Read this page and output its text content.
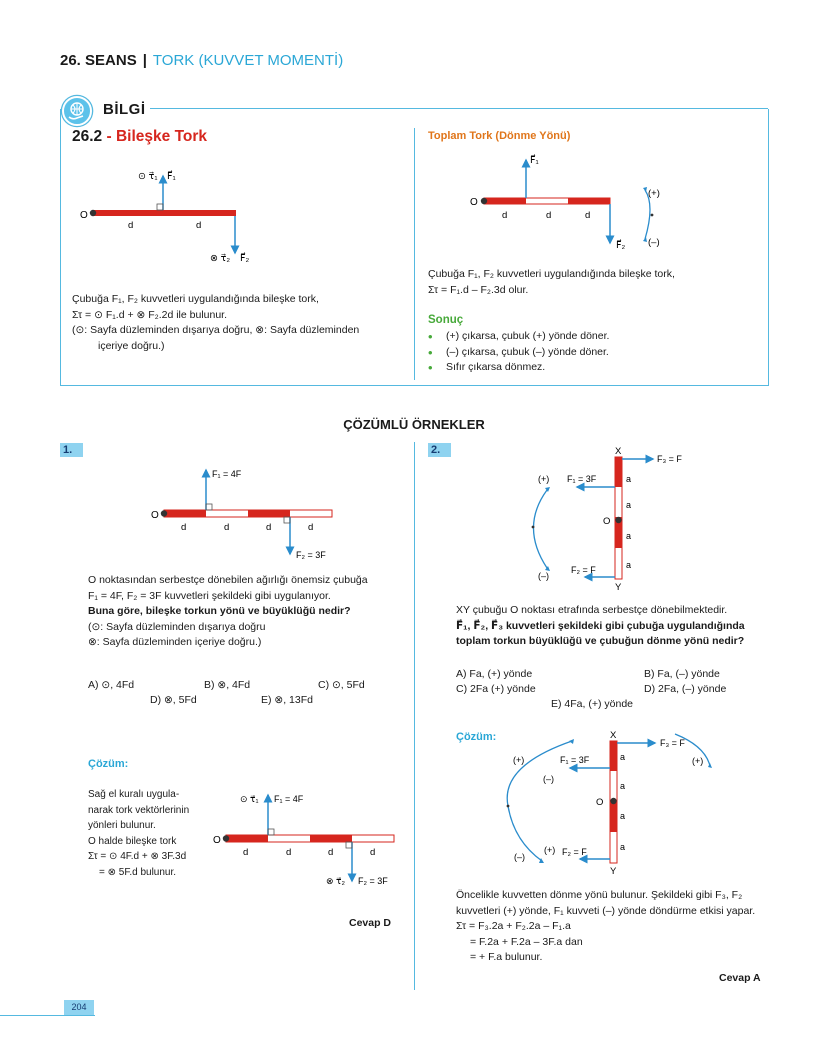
26. SEANS | TORK (KUVVET MOMENTİ)
BİLGİ
26.2 - Bileşke Tork
O
⊙ τ⃗₁ F⃗₁
⊗ τ⃗₂ F⃗₂
d	d
Çubuğa F₁, F₂ kuvvetleri uygulandığında bileşke tork,
Στ = ⊙ F₁.d + ⊗ F₂.2d ile bulunur.
(⊙: Sayfa düzleminden dışarıya doğru, ⊗: Sayfa düzleminden
içeriye doğru.)
Toplam Tork (Dönme Yönü)
O
F⃗₁
F⃗₂
d	d	d
(+)
(–)
Çubuğa F₁, F₂ kuvvetleri uygulandığında bileşke tork,
Στ = F₁.d – F₂.3d olur.
Sonuç
• (+) çıkarsa, çubuk (+) yönde döner.
• (–) çıkarsa, çubuk (–) yönde döner.
• Sıfır çıkarsa dönmez.
ÇÖZÜMLÜ ÖRNEKLER
1.
O
F₁ = 4F
F₂ = 3F
d	d	d	d
O noktasından serbestçe dönebilen ağırlığı önemsiz çubuğa
F₁ = 4F, F₂ = 3F kuvvetleri şekildeki gibi uygulanıyor.
Buna göre, bileşke torkun yönü ve büyüklüğü nedir?
(⊙: Sayfa düzleminden dışarıya doğru
⊗: Sayfa düzleminden içeriye doğru.)
A) ⊙, 4Fd	B) ⊗, 4Fd	C) ⊙, 5Fd
D) ⊗, 5Fd	E) ⊗, 13Fd
Çözüm:
Sağ el kuralı uygula-
narak tork vektörlerinin
yönleri bulunur.
O halde bileşke tork
Στ = ⊙ 4F.d + ⊗ 3F.3d
= ⊗ 5F.d bulunur.
O
⊙ τ⃗₁ F₁ = 4F
⊗ τ⃗₂ F₂ = 3F
d	d	d	d
Cevap D
2.
O
X
Y
F₃ = F
F₁ = 3F
F₂ = F
a
a
a
a
(+)
(–)
XY çubuğu O noktası etrafında serbestçe dönebilmektedir.
F⃗₁, F⃗₂, F⃗₃ kuvvetleri şekildeki gibi çubuğa uygulandığında
toplam torkun büyüklüğü ve çubuğun dönme yönü nedir?
A) Fa, (+) yönde	B) Fa, (–) yönde
C) 2Fa (+) yönde	D) 2Fa, (–) yönde
E) 4Fa, (+) yönde
Çözüm:
O
X
Y
F₃ = F
F₁ = 3F
F₂ = F
a
a
a
a
(+)
(–)
(+)
(–)
(+)
Öncelikle kuvvetten dönme yönü bulunur. Şekildeki gibi F₃, F₂
kuvvetleri (+) yönde, F₁ kuvveti (–) yönde döndürme etkisi yapar.
Στ = F₃.2a + F₂.2a – F₁.a
= F.2a + F.2a – 3F.a dan
= + F.a bulunur.
Cevap A
204
